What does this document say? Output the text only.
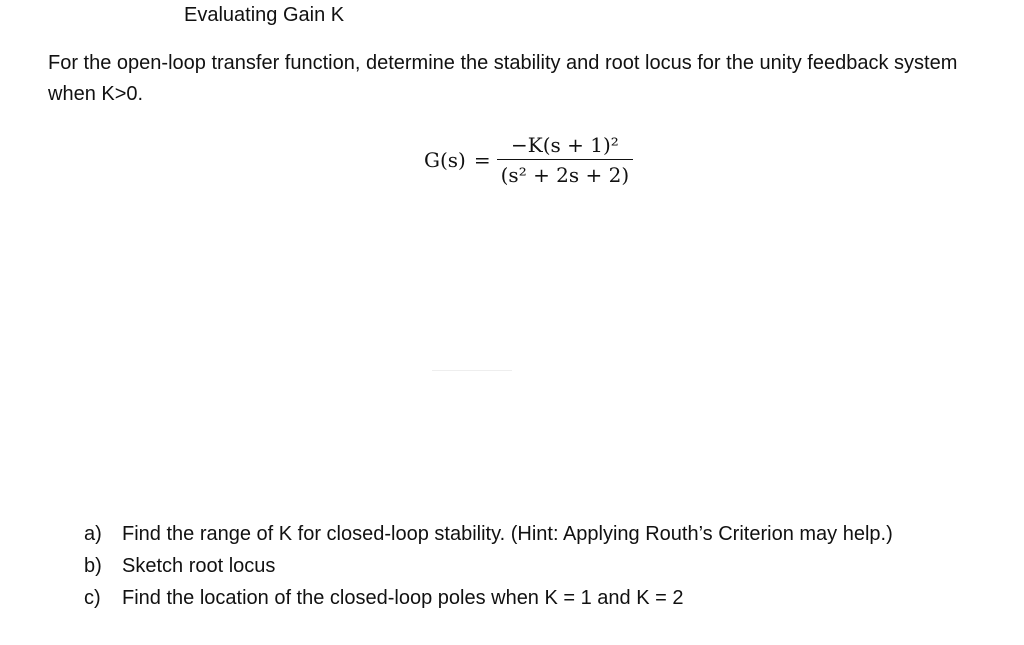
Evaluating Gain K

For the open-loop transfer function, determine the stability and root locus for the unity feedback system when K>0.

$G(s) = \frac{\text{−K(s + 1)²}}{\text{(s² + 2s + 2)}}$
a)	Find the range of K for closed-loop stability. (Hint: Applying Routh’s Criterion may help.)
b)	Sketch root locus
c)	Find the location of the closed-loop poles when K = 1 and K = 2
